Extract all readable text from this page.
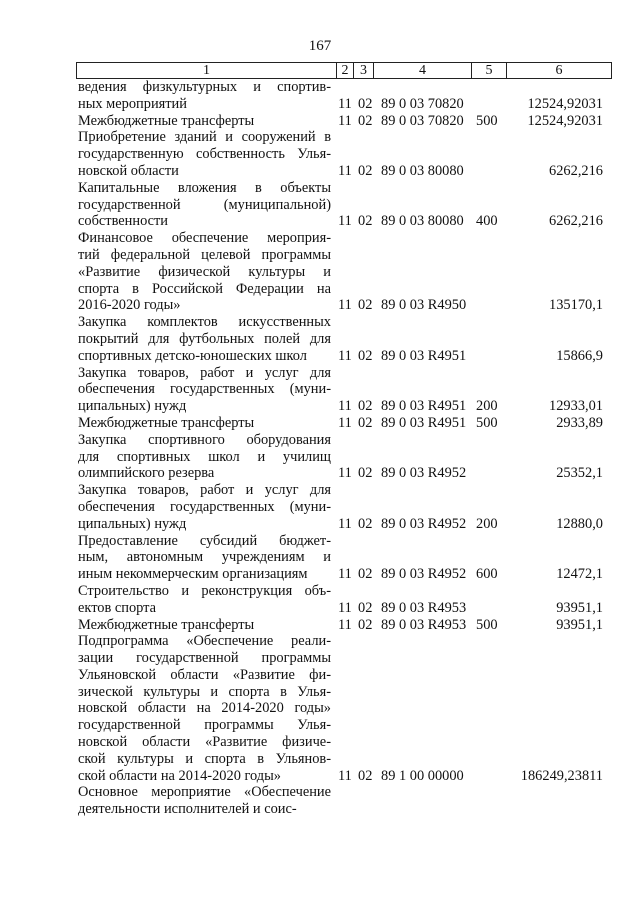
167
1	2 3	4	5	6
ведения физкультурных и спортив-
ных мероприятий	11 02 89 0 03 70820	12524,92031
Межбюджетные трансферты	11 02 89 0 03 70820 500 12524,92031
Приобретение зданий и сооружений в
государственную собственность Улья-
новской области	11 02 89 0 03 80080	6262,216
Капитальные вложения в объекты
государственной (муниципальной)
собственности	11 02 89 0 03 80080 400	6262,216
Финансовое обеспечение мероприя-
тий федеральной целевой программы
«Развитие физической культуры и
спорта в Российской Федерации на
2016-2020 годы»	11 02 89 0 03 R4950	135170,1
Закупка комплектов искусственных
покрытий для футбольных полей для
спортивных детско-юношеских школ	11 02 89 0 03 R4951	15866,9
Закупка товаров, работ и услуг для
обеспечения государственных (муни-
ципальных) нужд	11 02 89 0 03 R4951 200	12933,01
Межбюджетные трансферты	11 02 89 0 03 R4951 500	2933,89
Закупка спортивного оборудования
для спортивных школ и училищ
олимпийского резерва	11 02 89 0 03 R4952	25352,1
Закупка товаров, работ и услуг для
обеспечения государственных (муни-
ципальных) нужд	11 02 89 0 03 R4952 200	12880,0
Предоставление субсидий бюджет-
ным, автономным учреждениям и
иным некоммерческим организациям	11 02 89 0 03 R4952 600	12472,1
Строительство и реконструкция объ-
ектов спорта	11 02 89 0 03 R4953	93951,1
Межбюджетные трансферты	11 02 89 0 03 R4953 500	93951,1
Подпрограмма «Обеспечение реали-
зации государственной программы
Ульяновской области «Развитие фи-
зической культуры и спорта в Улья-
новской области на 2014-2020 годы»
государственной программы Улья-
новской области «Развитие физиче-
ской культуры и спорта в Ульянов-
ской области на 2014-2020 годы»	11 02 89 1 00 00000	186249,23811
Основное мероприятие «Обеспечение
деятельности исполнителей и соис-
